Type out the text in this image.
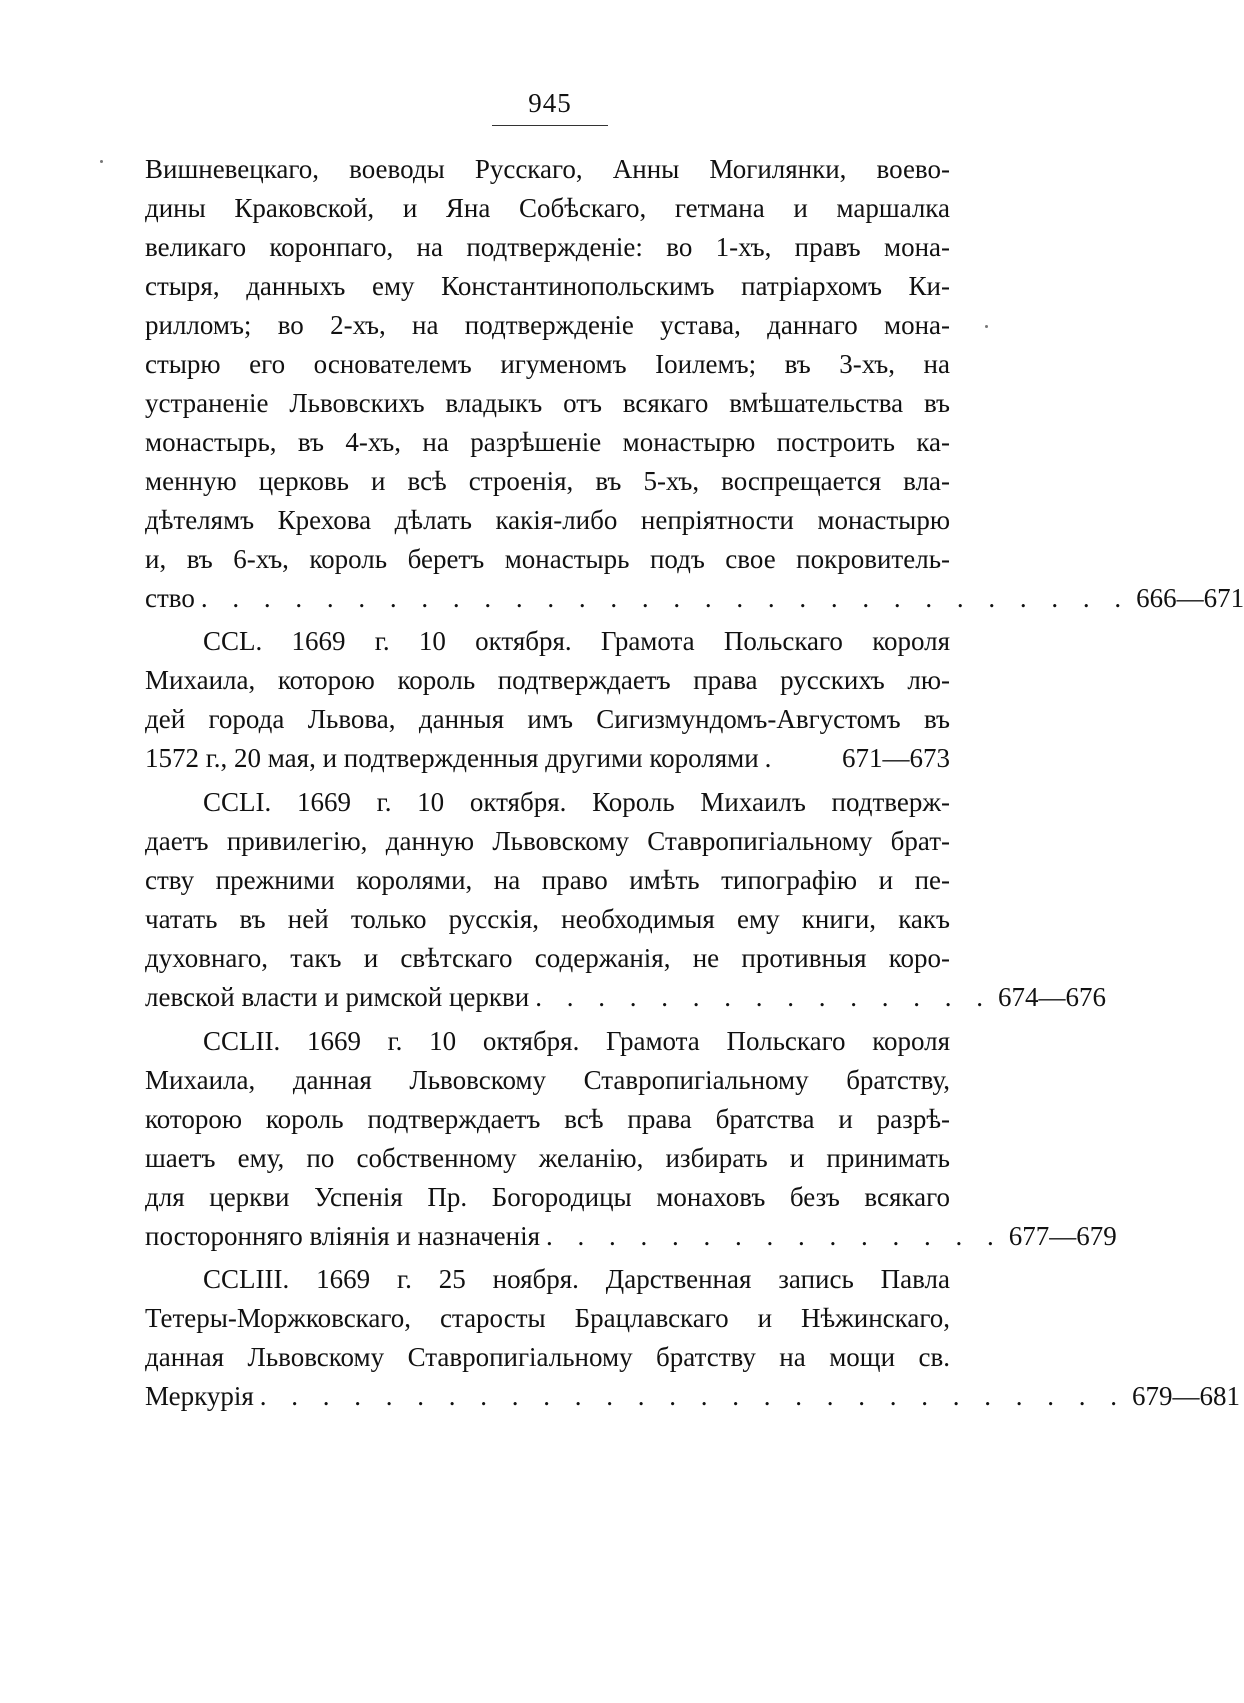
945
Вишневецкаго, воеводы Русскаго, Анны Могилянки, воево-
дины Краковской, и Яна Собѣскаго, гетмана и маршалка
великаго коронпаго, на подтвержденіе: во 1-хъ, правъ мона-
стыря, данныхъ ему Константинопольскимъ патріархомъ Ки-
рилломъ; во 2-хъ, на подтвержденіе устава, даннаго мона-
стырю его основателемъ игуменомъ Іоилемъ; въ 3-хъ, на
устраненіе Львовскихъ владыкъ отъ всякаго вмѣшательства въ
монастырь, въ 4-хъ, на разрѣшеніе монастырю построить ка-
менную церковь и всѣ строенія, въ 5-хъ, воспрещается вла-
дѣтелямъ Крехова дѣлать какія-либо непріятности монастырю
и, въ 6-хъ, король беретъ монастырь подъ свое покровитель-
ство . . . . . . . . . . . . . . . . . . . . . . . . . . . . . . 666—671
CCL. 1669 г. 10 октября. Грамота Польскаго короля
Михаила, которою король подтверждаетъ права русскихъ лю-
дей города Львова, данныя имъ Сигизмундомъ-Августомъ въ
1572 г., 20 мая, и подтвержденныя другими королями .	671—673
CCLI. 1669 г. 10 октября. Король Михаилъ подтверж-
даетъ привилегію, данную Львовскому Ставропигіальному брат-
ству прежними королями, на право имѣть типографію и пе-
чатать въ ней только русскія, необходимыя ему книги, какъ
духовнаго, такъ и свѣтскаго содержанія, не противныя коро-
левской власти и римской церкви . . . . . . . . . . . . . . . 674—676
CCLII. 1669 г. 10 октября. Грамота Польскаго короля
Михаила, данная Львовскому Ставропигіальному братству,
которою король подтверждаетъ всѣ права братства и разрѣ-
шаетъ ему, по собственному желанію, избирать и принимать
для церкви Успенія Пр. Богородицы монаховъ безъ всякаго
посторонняго вліянія и назначенія . . . . . . . . . . . . . . . 677—679
CCLIII. 1669 г. 25 ноября. Дарственная запись Павла
Тетеры-Моржковскаго, старосты Брацлавскаго и Нѣжинскаго,
данная Львовскому Ставропигіальному братству на мощи св.
Меркурія . . . . . . . . . . . . . . . . . . . . . . . . . . . . 679—681
